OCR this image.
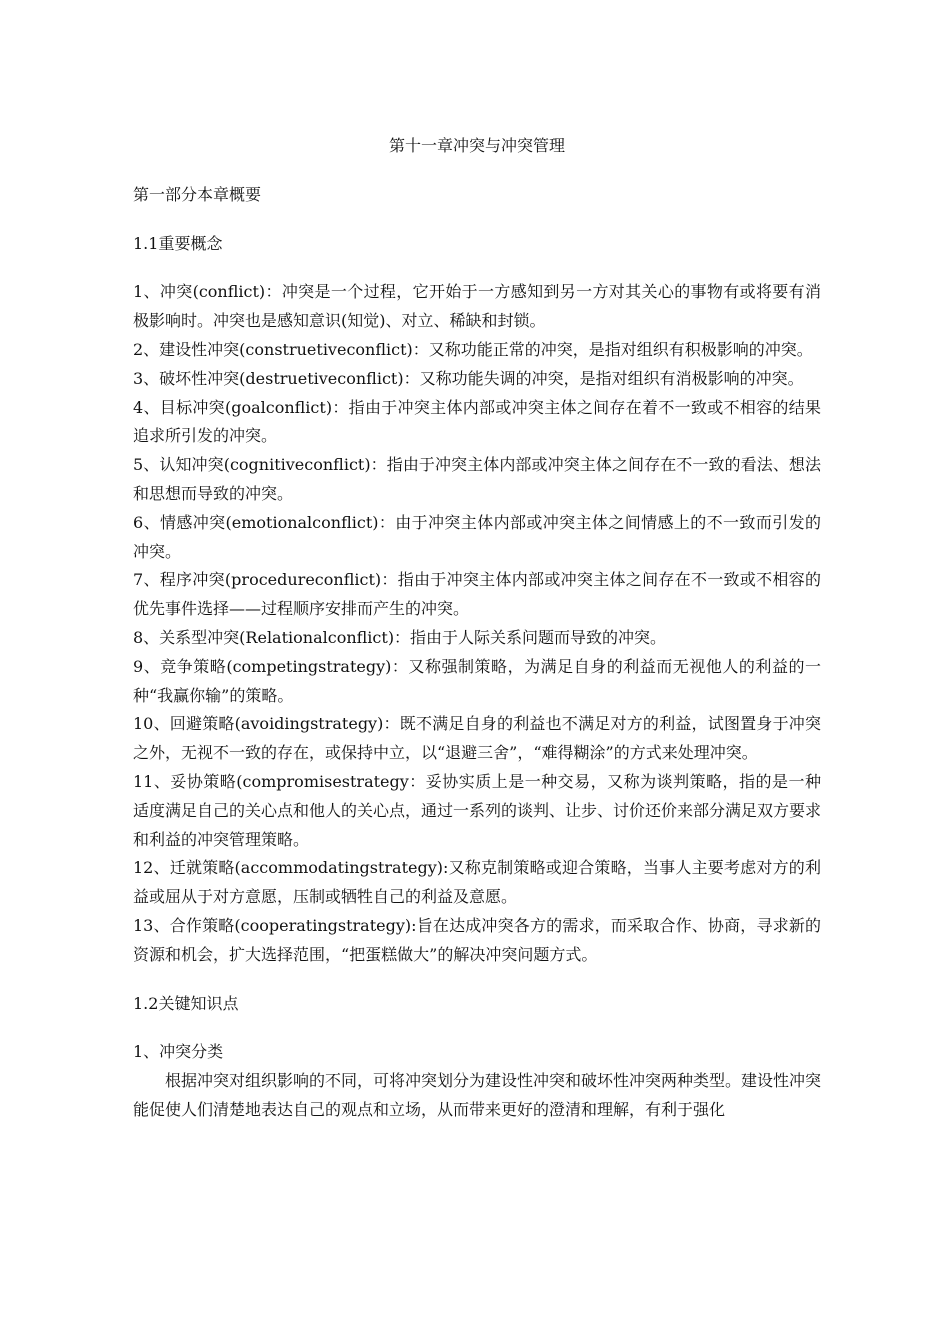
第十一章冲突与冲突管理
第一部分本章概要
1.1重要概念
1、冲突(conflict)：冲突是一个过程，它开始于一方感知到另一方对其关心的事物有或将要有消极影响时。冲突也是感知意识(知觉)、对立、稀缺和封锁。
2、建设性冲突(construetiveconflict)：又称功能正常的冲突，是指对组织有积极影响的冲突。
3、破坏性冲突(destruetiveconflict)：又称功能失调的冲突，是指对组织有消极影响的冲突。
4、目标冲突(goalconflict)：指由于冲突主体内部或冲突主体之间存在着不一致或不相容的结果追求所引发的冲突。
5、认知冲突(cognitiveconflict)：指由于冲突主体内部或冲突主体之间存在不一致的看法、想法和思想而导致的冲突。
6、情感冲突(emotionalconflict)：由于冲突主体内部或冲突主体之间情感上的不一致而引发的冲突。
7、程序冲突(procedureconflict)：指由于冲突主体内部或冲突主体之间存在不一致或不相容的优先事件选择——过程顺序安排而产生的冲突。
8、关系型冲突(Relationalconflict)：指由于人际关系问题而导致的冲突。
9、竞争策略(competingstrategy)：又称强制策略，为满足自身的利益而无视他人的利益的一种“我赢你输”的策略。
10、回避策略(avoidingstrategy)：既不满足自身的利益也不满足对方的利益，试图置身于冲突之外，无视不一致的存在，或保持中立，以“退避三舍”，“难得糊涂”的方式来处理冲突。
11、妥协策略(compromisestrategy：妥协实质上是一种交易，又称为谈判策略，指的是一种适度满足自己的关心点和他人的关心点，通过一系列的谈判、让步、讨价还价来部分满足双方要求和利益的冲突管理策略。
12、迁就策略(accommodatingstrategy):又称克制策略或迎合策略，当事人主要考虑对方的利益或屈从于对方意愿，压制或牺牲自己的利益及意愿。
13、合作策略(cooperatingstrategy):旨在达成冲突各方的需求，而采取合作、协商，寻求新的资源和机会，扩大选择范围，“把蛋糕做大”的解决冲突问题方式。
1.2关键知识点
1、冲突分类

根据冲突对组织影响的不同，可将冲突划分为建设性冲突和破坏性冲突两种类型。建设性冲突能促使人们清楚地表达自己的观点和立场，从而带来更好的澄清和理解，有利于强化
